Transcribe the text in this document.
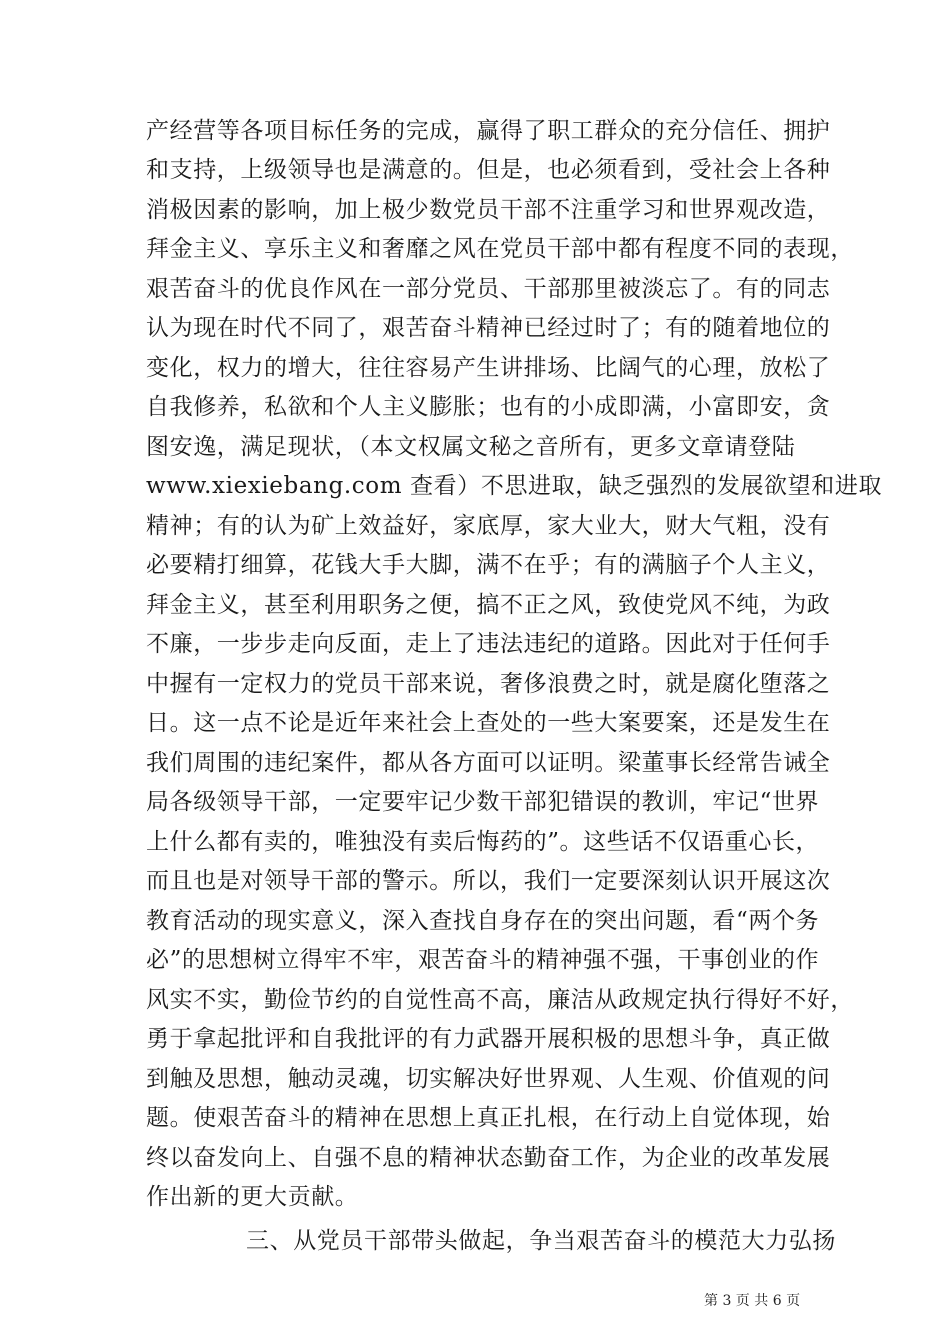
产经营等各项目标任务的完成，赢得了职工群众的充分信任、拥护
和支持，上级领导也是满意的。但是，也必须看到，受社会上各种
消极因素的影响，加上极少数党员干部不注重学习和世界观改造，
拜金主义、享乐主义和奢靡之风在党员干部中都有程度不同的表现，
艰苦奋斗的优良作风在一部分党员、干部那里被淡忘了。有的同志
认为现在时代不同了，艰苦奋斗精神已经过时了；有的随着地位的
变化，权力的增大，往往容易产生讲排场、比阔气的心理，放松了
自我修养，私欲和个人主义膨胀；也有的小成即满，小富即安，贪
图安逸，满足现状，（本文权属文秘之音所有，更多文章请登陆
www.xiexiebang.com 查看）不思进取，缺乏强烈的发展欲望和进取
精神；有的认为矿上效益好，家底厚，家大业大，财大气粗，没有
必要精打细算，花钱大手大脚，满不在乎；有的满脑子个人主义，
拜金主义，甚至利用职务之便，搞不正之风，致使党风不纯，为政
不廉，一步步走向反面，走上了违法违纪的道路。因此对于任何手
中握有一定权力的党员干部来说，奢侈浪费之时，就是腐化堕落之
日。这一点不论是近年来社会上查处的一些大案要案，还是发生在
我们周围的违纪案件，都从各方面可以证明。梁董事长经常告诫全
局各级领导干部，一定要牢记少数干部犯错误的教训，牢记“世界
上什么都有卖的，唯独没有卖后悔药的”。这些话不仅语重心长，
而且也是对领导干部的警示。所以，我们一定要深刻认识开展这次
教育活动的现实意义，深入查找自身存在的突出问题，看“两个务
必”的思想树立得牢不牢，艰苦奋斗的精神强不强，干事创业的作
风实不实，勤俭节约的自觉性高不高，廉洁从政规定执行得好不好，
勇于拿起批评和自我批评的有力武器开展积极的思想斗争，真正做
到触及思想，触动灵魂，切实解决好世界观、人生观、价值观的问
题。使艰苦奋斗的精神在思想上真正扎根，在行动上自觉体现，始
终以奋发向上、自强不息的精神状态勤奋工作，为企业的改革发展
作出新的更大贡献。
三、从党员干部带头做起，争当艰苦奋斗的模范大力弘扬
第 3 页 共 6 页
